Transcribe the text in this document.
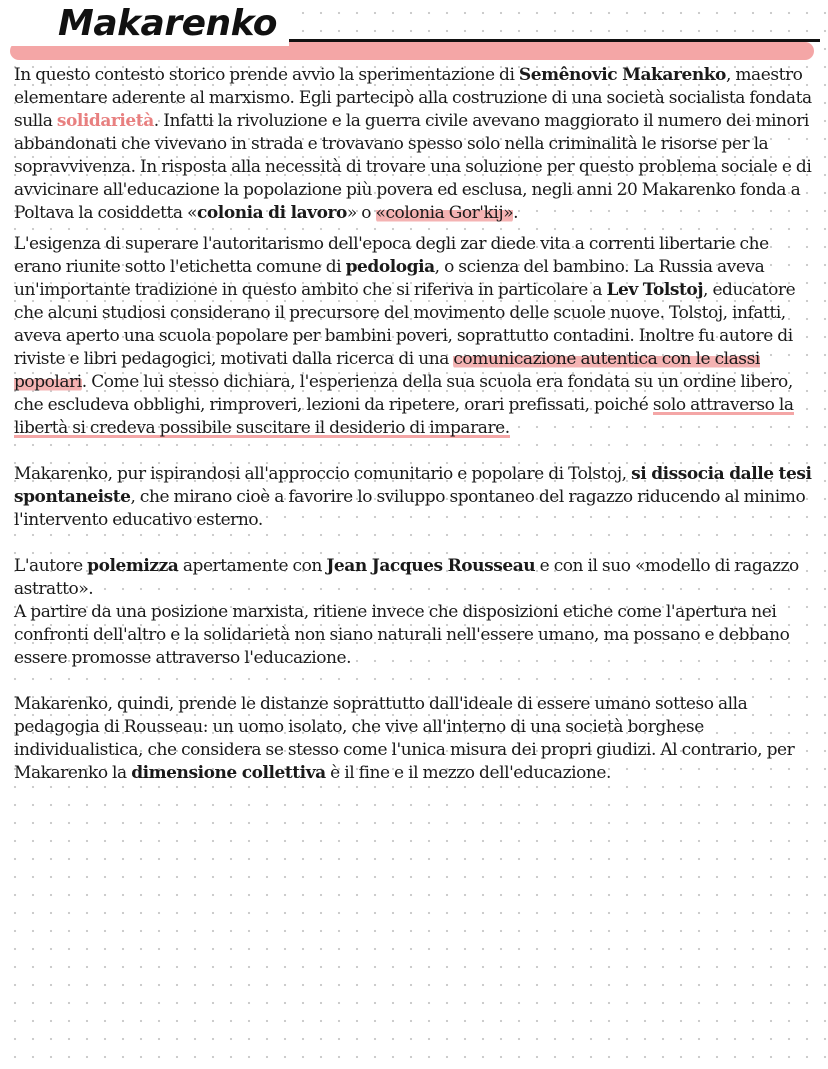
Makarenko

In questo contesto storico prende avvio la sperimentazione di Semênovic Makarenko, maestro elementare aderente al marxismo. Egli partecipò alla costruzione di una società socialista fondata sulla solidarietà. Infatti la rivoluzione e la guerra civile avevano maggiorato il numero dei minori abbandonati che vivevano in strada e trovavano spesso solo nella criminalità le risorse per la sopravvivenza. In risposta alla necessità di trovare una soluzione per questo problema sociale e di avvicinare all'educazione la popolazione più povera ed esclusa, negli anni 20 Makarenko fonda a Poltava la cosiddetta «colonia di lavoro» o «colonia Gor'kij».

L'esigenza di superare l'autoritarismo dell'epoca degli zar diede vita a correnti libertarie che erano riunite sotto l'etichetta comune di pedologia, o scienza del bambino. La Russia aveva un'importante tradizione in questo ambito che si riferiva in particolare a Lev Tolstoj, educatore che alcuni studiosi considerano il precursore del movimento delle scuole nuove. Tolstoj, infatti, aveva aperto una scuola popolare per bambini poveri, soprattutto contadini. Inoltre fu autore di riviste e libri pedagogici, motivati dalla ricerca di una comunicazione autentica con le classi popolari. Come lui stesso dichiara, l'esperienza della sua scuola era fondata su un ordine libero, che escludeva obblighi, rimproveri, lezioni da ripetere, orari prefissati, poiché solo attraverso la libertà si credeva possibile suscitare il desiderio di imparare.

Makarenko, pur ispirandosi all'approccio comunitario e popolare di Tolstoj, si dissocia dalle tesi spontaneiste, che mirano cioè a favorire lo sviluppo spontaneo del ragazzo riducendo al minimo l'intervento educativo esterno.

L'autore polemizza apertamente con Jean Jacques Rousseau e con il suo «modello di ragazzo astratto».

A partire da una posizione marxista, ritiene invece che disposizioni etiche come l'apertura nei confronti dell'altro e la solidarietà non siano naturali nell'essere umano, ma possano e debbano essere promosse attraverso l'educazione.

Makarenko, quindi, prende le distanze soprattutto dall'ideale di essere umano sotteso alla pedagogia di Rousseau: un uomo isolato, che vive all'interno di una società borghese individualistica, che considera se stesso come l'unica misura dei propri giudizi. Al contrario, per Makarenko la dimensione collettiva è il fine e il mezzo dell'educazione.
